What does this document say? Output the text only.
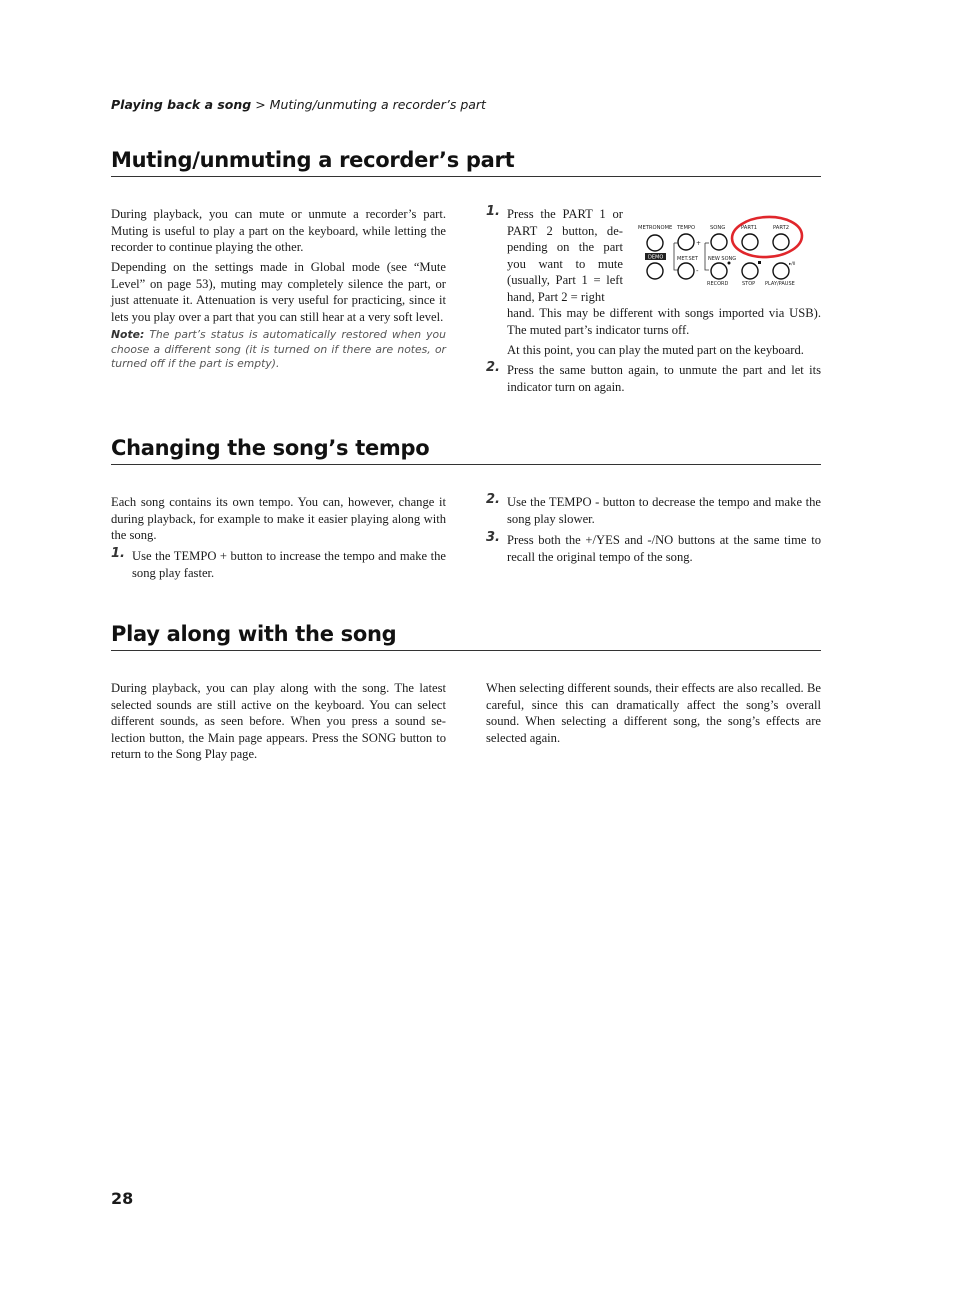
Playing back a song > Muting/unmuting a recorder’s part
Muting/unmuting a recorder’s part

During playback, you can mute or unmute a recorder’s part. Muting is useful to play a part on the keyboard, while letting the recorder to continue playing the other.

Depending on the settings made in Global mode (see “Mute Level” on page 53), muting may completely silence the part, or just attenuate it. Attenuation is very useful for practicing, since it lets you play over a part that you can still hear at a very soft level.

Note: The part’s status is automatically restored when you choose a different song (it is turned on if there are notes, or turned off if the part is empty).

1. Press the PART 1 or PART 2 button, depending on the part you want to mute (usually, Part 1 = left hand, Part 2 = right

hand. This may be different with songs imported via USB). The muted part’s indicator turns off.

At this point, you can play the muted part on the keyboard.

2. Press the same button again, to unmute the part and let its indicator turn on again.

METRONOME TEMPO	SONG	PART1	PART2
+
DEMO	MET.SET NEW SONG
-
▸/II
RECORD	STOP PLAY/PAUSE
Changing the song’s tempo

Each song contains its own tempo. You can, however, change it during playback, for example to make it easier playing along with the song.

1. Use the TEMPO + button to increase the tempo and make the song play faster.

2. Use the TEMPO - button to decrease the tempo and make the song play slower.

3. Press both the +/YES and -/NO buttons at the same time to recall the original tempo of the song.

Play along with the song

During playback, you can play along with the song. The latest selected sounds are still active on the keyboard. You can select different sounds, as seen before. When you press a sound selection button, the Main page appears. Press the SONG button to return to the Song Play page.

When selecting different sounds, their effects are also recalled. Be careful, since this can dramatically affect the song’s overall sound. When selecting a different song, the song’s effects are selected again.

28
